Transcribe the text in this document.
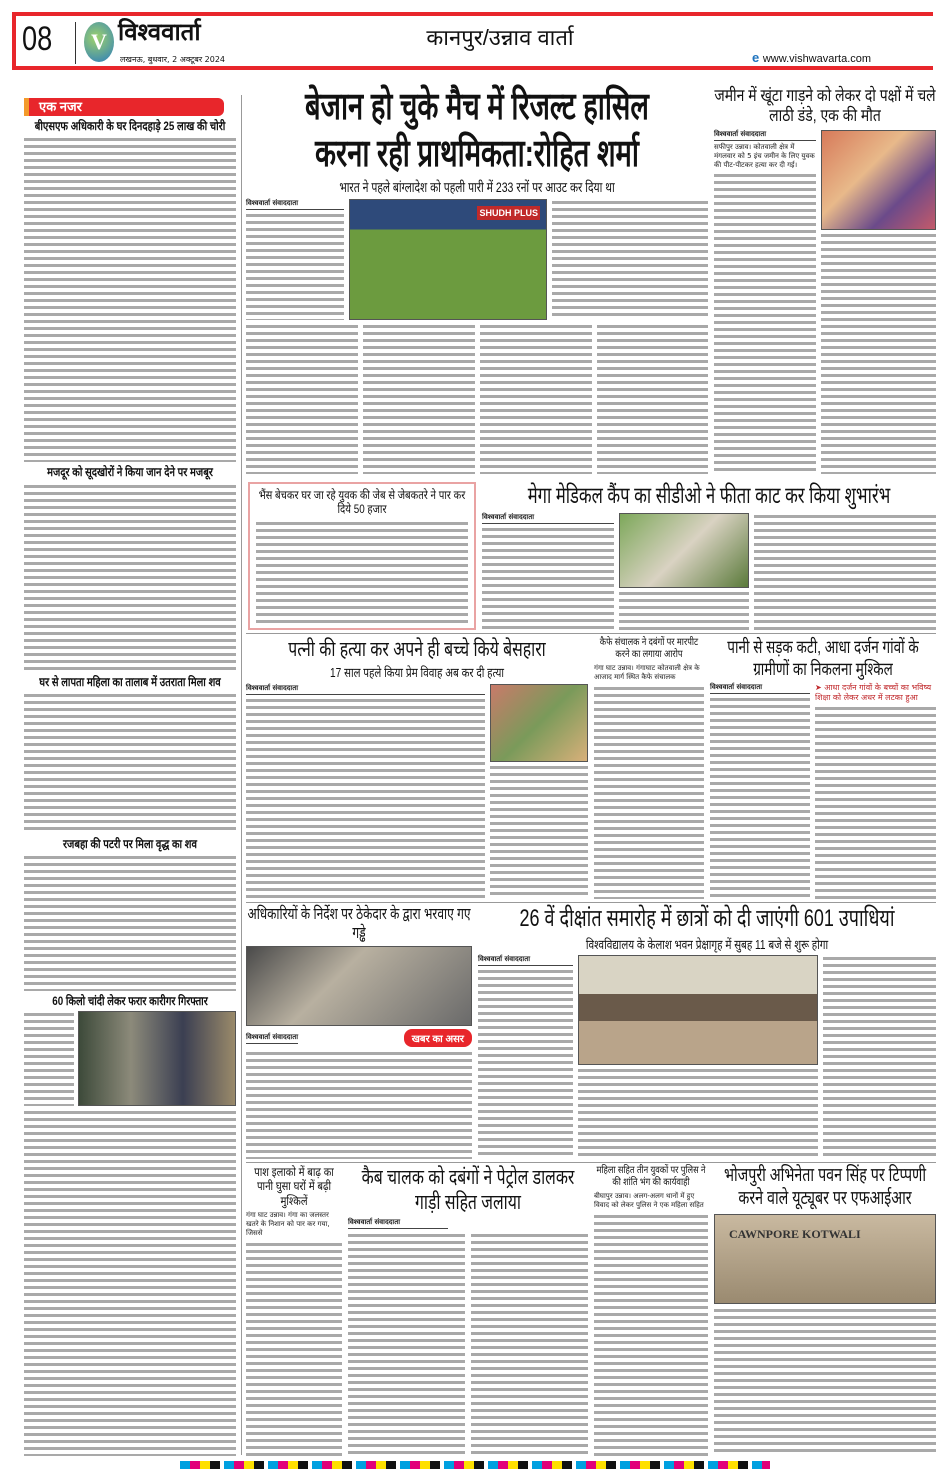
08	V विश्ववार्ता
लखनऊ, बुधवार, 2 अक्टूबर 2024
कानपुर/उन्नाव वार्ता
e www.vishwavarta.com
एक नजर
बीएसएफ अधिकारी के घर दिनदहाड़े 25 लाख की चोरी
मजदूर को सूदखोरों ने किया जान देने पर मजबूर
घर से लापता महिला का तालाब में उतराता मिला शव
रजबहा की पटरी पर मिला वृद्ध का शव
60 किलो चांदी लेकर फरार कारीगर गिरफ्तार
बेजान हो चुके मैच में रिजल्ट हासिल
करना रही प्राथमिकता:रोहित शर्मा
भारत ने पहले बांग्लादेश को पहली पारी में 233 रनों पर आउट कर दिया था
विश्ववार्ता संवाददाता
SHUDH PLUS
जमीन में खूंटा गाड़ने को लेकर दो पक्षों में चले लाठी डंडे, एक की मौत
विश्ववार्ता संवाददाता
सफीपुर उन्नाव। कोतवाली क्षेत्र में मंगलवार को 5 इंच जमीन के लिए युवक की पीट-पीटकर हत्या कर दी गई।
भैंस बेचकर घर जा रहे युवक की जेब से जेबकतरे ने पार कर दिये 50 हजार
मेगा मेडिकल कैंप का सीडीओ ने फीता काट कर किया शुभारंभ
विश्ववार्ता संवाददाता
पत्नी की हत्या कर अपने ही बच्चे किये बेसहारा
17 साल पहले किया प्रेम विवाह अब कर दी हत्या
विश्ववार्ता संवाददाता
कैफे संचालक ने दबंगों पर मारपीट करने का लगाया आरोप
गंगा घाट उन्नाव। गंगाघाट कोतवाली क्षेत्र के आजाद मार्ग स्थित कैफे संचालक
पानी से सड़क कटी, आधा दर्जन गांवों के ग्रामीणों का निकलना मुश्किल
विश्ववार्ता संवाददाता	➤ आधा दर्जन गांवों के बच्चों का भविष्य शिक्षा को लेकर अधर में लटका हुआ
अधिकारियों के निर्देश पर ठेकेदार के द्वारा भरवाए गए गड्ढे
विश्ववार्ता संवाददाता	खबर का असर
26 वें दीक्षांत समारोह में छात्रों को दी जाएंगी 601 उपाधियां
विश्वविद्यालय के केलाश भवन प्रेक्षागृह में सुबह 11 बजे से शुरू होगा
विश्ववार्ता संवाददाता
पाश इलाको में बाढ़ का पानी घुसा घरों में बढ़ी मुश्किलें
गंगा घाट उन्नाव। गंगा का जलस्तर खतरे के निशान को पार कर गया, जिससे
कैब चालक को दबंगों ने पेट्रोल डालकर गाड़ी सहित जलाया
विश्ववार्ता संवाददाता
महिला सहित तीन युवकों पर पुलिस ने की शांति भंग की कार्यवाही
बीघापुर उन्नाव। अलग-अलग थानों में हुए विवाद को लेकर पुलिस ने एक महिला सहित
भोजपुरी अभिनेता पवन सिंह पर टिप्पणी करने वाले यूट्यूबर पर एफआईआर
CAWNPORE KOTWALI
